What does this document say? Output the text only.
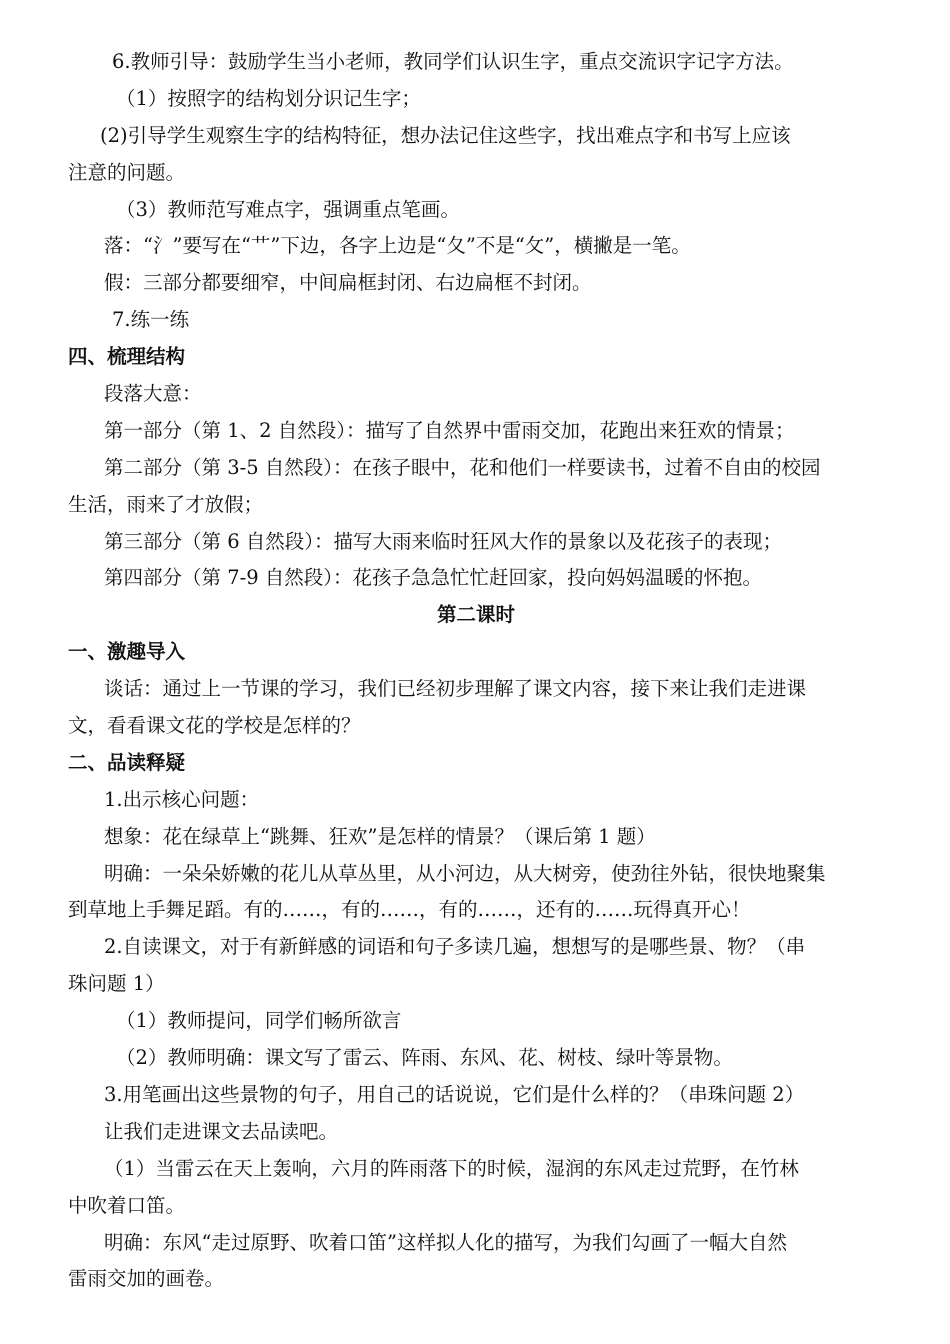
6.教师引导：鼓励学生当小老师，教同学们认识生字，重点交流识字记字方法。
（1）按照字的结构划分识记生字；
(2)引导学生观察生字的结构特征，想办法记住这些字，找出难点字和书写上应该
注意的问题。
（3）教师范写难点字，强调重点笔画。
落：“氵”要写在“艹”下边，各字上边是“夂”不是“攵”，横撇是一笔。
假：三部分都要细窄，中间扁框封闭、右边扁框不封闭。
7.练一练
四、梳理结构
段落大意：
第一部分（第 1、2 自然段）：描写了自然界中雷雨交加，花跑出来狂欢的情景；
第二部分（第 3-5 自然段）：在孩子眼中，花和他们一样要读书，过着不自由的校园
生活，雨来了才放假；
第三部分（第 6 自然段）：描写大雨来临时狂风大作的景象以及花孩子的表现；
第四部分（第 7-9 自然段）：花孩子急急忙忙赶回家，投向妈妈温暖的怀抱。
第二课时
一、激趣导入
谈话：通过上一节课的学习，我们已经初步理解了课文内容，接下来让我们走进课
文，看看课文花的学校是怎样的？
二、品读释疑
1.出示核心问题：
想象：花在绿草上“跳舞、狂欢”是怎样的情景？（课后第 1 题）
明确：一朵朵娇嫩的花儿从草丛里，从小河边，从大树旁，使劲往外钻，很快地聚集
到草地上手舞足蹈。有的……，有的……，有的……，还有的……玩得真开心！
2.自读课文，对于有新鲜感的词语和句子多读几遍，想想写的是哪些景、物？（串
珠问题 1）
（1）教师提问，同学们畅所欲言
（2）教师明确：课文写了雷云、阵雨、东风、花、树枝、绿叶等景物。
3.用笔画出这些景物的句子，用自己的话说说，它们是什么样的？（串珠问题 2）
让我们走进课文去品读吧。
（1）当雷云在天上轰响，六月的阵雨落下的时候，湿润的东风走过荒野，在竹林
中吹着口笛。
明确：东风“走过原野、吹着口笛”这样拟人化的描写，为我们勾画了一幅大自然
雷雨交加的画卷。
